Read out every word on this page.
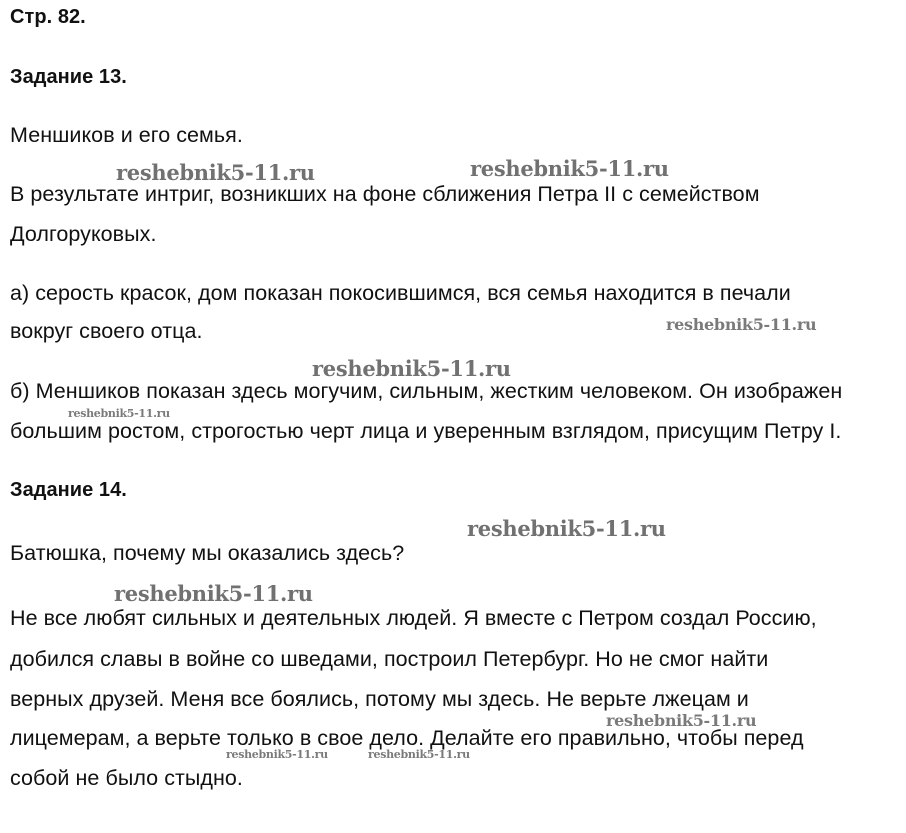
Стр. 82.
Задание 13.
Меншиков и его семья.
В результате интриг, возникших на фоне сближения Петра II с семейством
Долгоруковых.
а) серость красок, дом показан покосившимся, вся семья находится в печали
вокруг своего отца.
б) Меншиков показан здесь могучим, сильным, жестким человеком. Он изображен
большим ростом, строгостью черт лица и уверенным взглядом, присущим Петру I.
Задание 14.
Батюшка, почему мы оказались здесь?
Не все любят сильных и деятельных людей. Я вместе с Петром создал Россию,
добился славы в войне со шведами, построил Петербург. Но не смог найти
верных друзей. Меня все боялись, потому мы здесь. Не верьте лжецам и
лицемерам, а верьте только в свое дело. Делайте его правильно, чтобы перед
собой не было стыдно.
reshebnik5-11.ru	reshebnik5-11.ru
reshebnik5-11.ru
reshebnik5-11.ru
reshebnik5-11.ru
reshebnik5-11.ru
reshebnik5-11.ru
reshebnik5-11.ru
reshebnik5-11.ru	reshebnik5-11.ru
